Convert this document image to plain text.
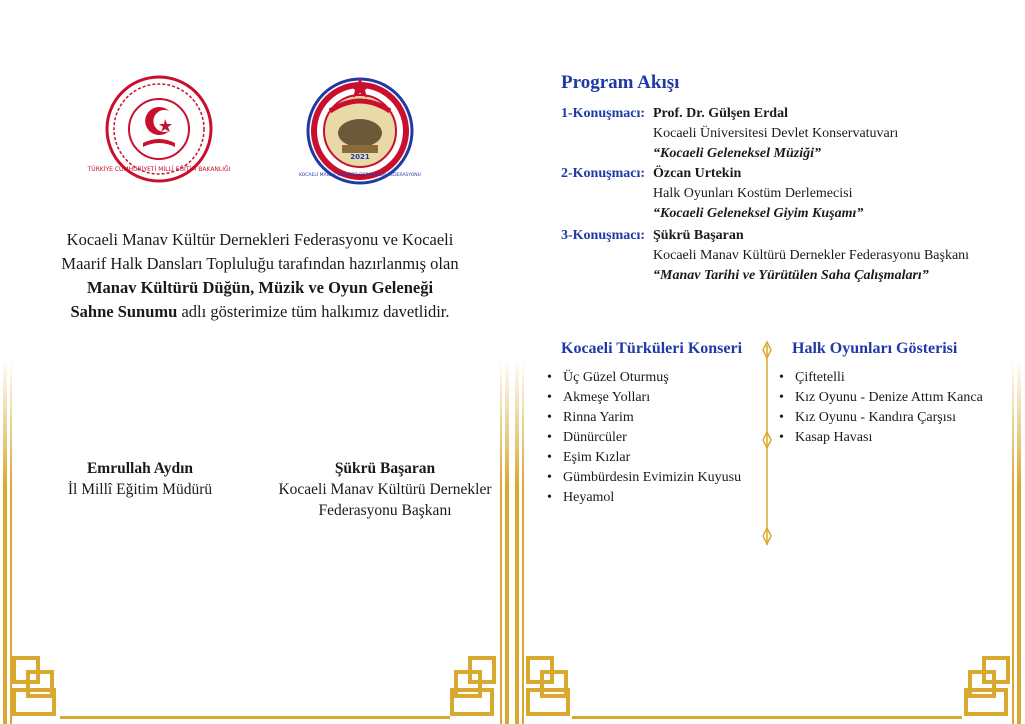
TÜRKİYE CUMHURİYETİ MİLLÎ EĞİTİM BAKANLIĞI
2021
KOCAELİ MANAV KÜLTÜRÜ DERNEKLER FEDERASYONU
Kocaeli Manav Kültür Dernekleri Federasyonu ve Kocaeli
Maarif Halk Dansları Topluluğu tarafından hazırlanmış olan
Manav Kültürü Düğün, Müzik ve Oyun Geleneği
Sahne Sunumu adlı gösterimize tüm halkımız davetlidir.
Emrullah Aydın
İl Millî Eğitim Müdürü
Şükrü Başaran
Kocaeli Manav Kültürü Dernekler
Federasyonu Başkanı
Program Akışı
1-Konuşmacı: Prof. Dr. Gülşen Erdal
Kocaeli Üniversitesi Devlet Konservatuvarı
“Kocaeli Geleneksel Müziği”
2-Konuşmacı: Özcan Urtekin
Halk Oyunları Kostüm Derlemecisi
“Kocaeli Geleneksel Giyim Kuşamı”
3-Konuşmacı: Şükrü Başaran
Kocaeli Manav Kültürü Dernekler Federasyonu Başkanı
“Manav Tarihi ve Yürütülen Saha Çalışmaları”
Kocaeli Türküleri Konseri
• Üç Güzel Oturmuş
• Akmeşe Yolları
• Rinna Yarim
• Dünürcüler
• Eşim Kızlar
• Gümbürdesin Evimizin Kuyusu
• Heyamol
Halk Oyunları Gösterisi
• Çiftetelli
• Kız Oyunu - Denize Attım Kanca
• Kız Oyunu - Kandıra Çarşısı
• Kasap Havası
